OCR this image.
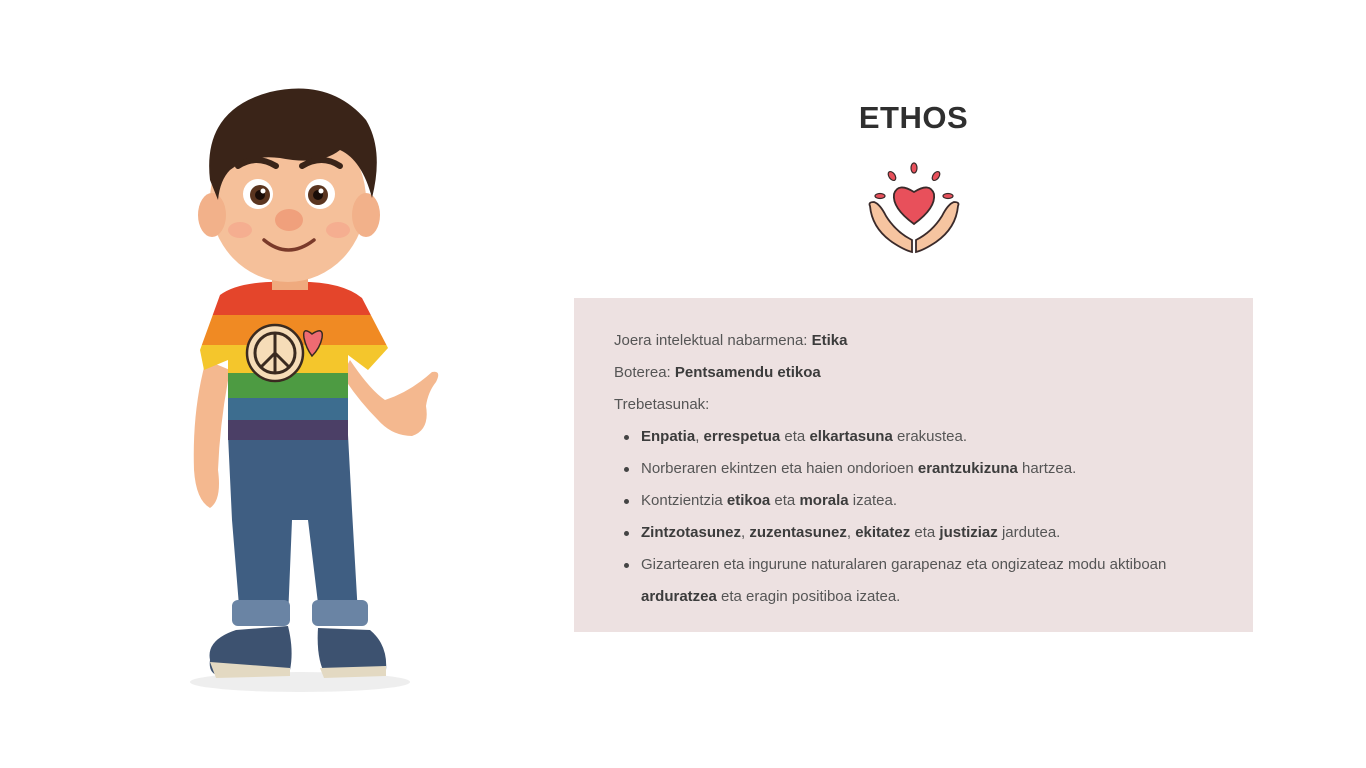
ETHOS
Joera intelektual nabarmena: Etika
Boterea: Pentsamendu etikoa
Trebetasunak:
Enpatia, errespetua eta elkartasuna erakustea.
Norberaren ekintzen eta haien ondorioen erantzukizuna hartzea.
Kontzientzia etikoa eta morala izatea.
Zintzotasunez, zuzentasunez, ekitatez eta justiziaz jardutea.
Gizartearen eta ingurune naturalaren garapenaz eta ongizateaz modu aktiboan arduratzea eta eragin positiboa izatea.
